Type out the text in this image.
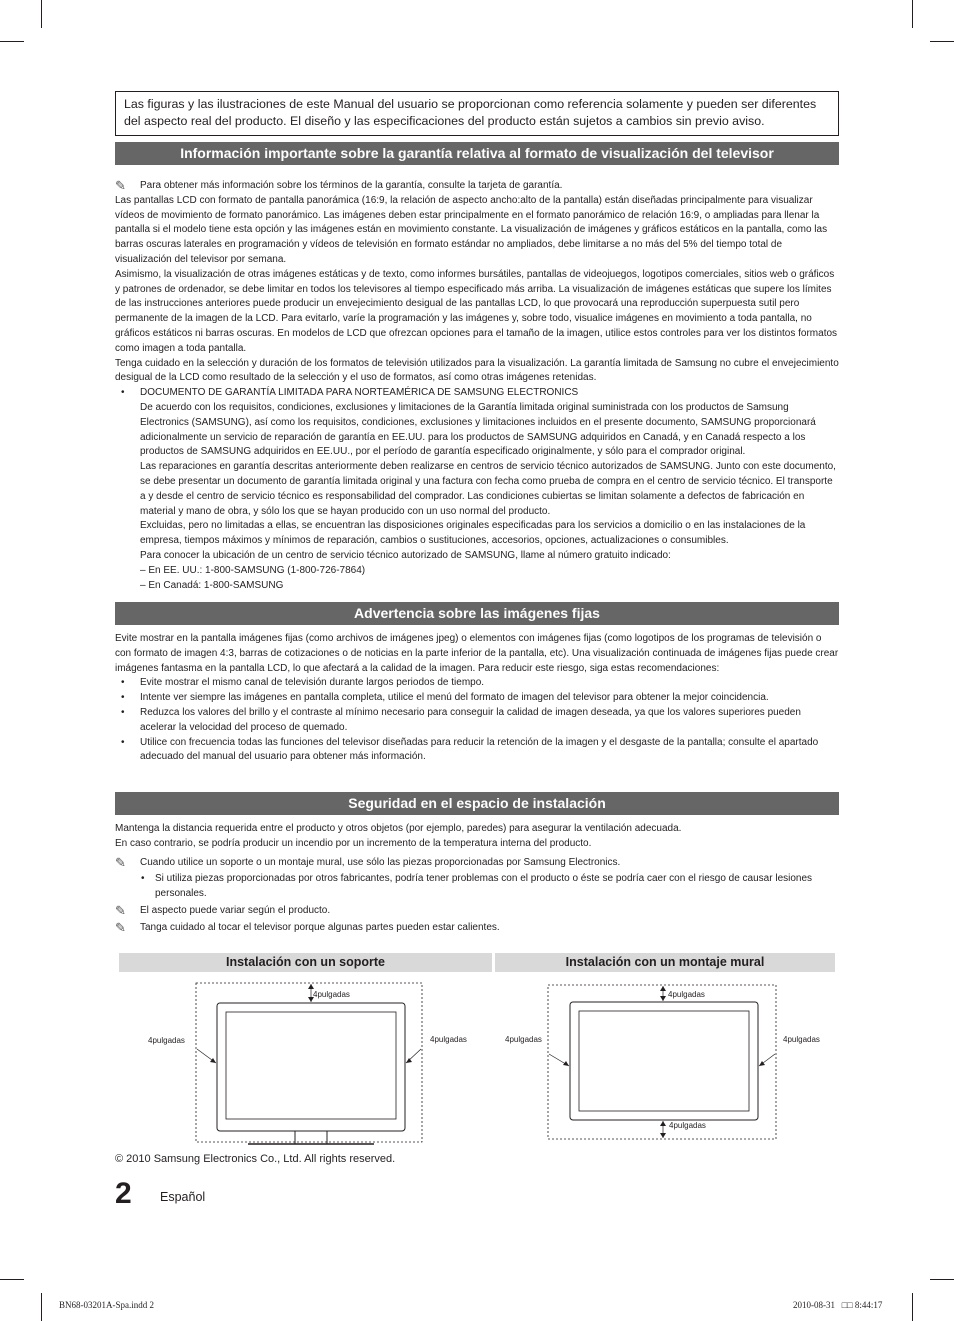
Las figuras y las ilustraciones de este Manual del usuario se proporcionan como referencia solamente y pueden ser diferentes del aspecto real del producto. El diseño y las especificaciones del producto están sujetos a cambios sin previo aviso.
Información importante sobre la garantía relativa al formato de visualización del televisor
✎ Para obtener más información sobre los términos de la garantía, consulte la tarjeta de garantía.

Las pantallas LCD con formato de pantalla panorámica (16:9, la relación de aspecto ancho:alto de la pantalla) están diseñadas principalmente para visualizar vídeos de movimiento de formato panorámico. Las imágenes deben estar principalmente en el formato panorámico de relación 16:9, o ampliadas para llenar la pantalla si el modelo tiene esta opción y las imágenes están en movimiento constante. La visualización de imágenes y gráficos estáticos en la pantalla, como las barras oscuras laterales en programación y vídeos de televisión en formato estándar no ampliados, debe limitarse a no más del 5% del tiempo total de visualización del televisor por semana.

Asimismo, la visualización de otras imágenes estáticas y de texto, como informes bursátiles, pantallas de videojuegos, logotipos comerciales, sitios web o gráficos y patrones de ordenador, se debe limitar en todos los televisores al tiempo especificado más arriba. La visualización de imágenes estáticas que supere los límites de las instrucciones anteriores puede producir un envejecimiento desigual de las pantallas LCD, lo que provocará una reproducción superpuesta sutil pero permanente de la imagen de la LCD. Para evitarlo, varíe la programación y las imágenes y, sobre todo, visualice imágenes en movimiento a toda pantalla, no gráficos estáticos ni barras oscuras. En modelos de LCD que ofrezcan opciones para el tamaño de la imagen, utilice estos controles para ver los distintos formatos como imagen a toda pantalla.

Tenga cuidado en la selección y duración de los formatos de televisión utilizados para la visualización. La garantía limitada de Samsung no cubre el envejecimiento desigual de la LCD como resultado de la selección y el uso de formatos, así como otras imágenes retenidas.

• DOCUMENTO DE GARANTÍA LIMITADA PARA NORTEAMÉRICA DE SAMSUNG ELECTRONICS

De acuerdo con los requisitos, condiciones, exclusiones y limitaciones de la Garantía limitada original suministrada con los productos de Samsung Electronics (SAMSUNG), así como los requisitos, condiciones, exclusiones y limitaciones incluidos en el presente documento, SAMSUNG proporcionará adicionalmente un servicio de reparación de garantía en EE.UU. para los productos de SAMSUNG adquiridos en Canadá, y en Canadá respecto a los productos de SAMSUNG adquiridos en EE.UU., por el período de garantía especificado originalmente, y sólo para el comprador original.

Las reparaciones en garantía descritas anteriormente deben realizarse en centros de servicio técnico autorizados de SAMSUNG. Junto con este documento, se debe presentar un documento de garantía limitada original y una factura con fecha como prueba de compra en el centro de servicio técnico. El transporte a y desde el centro de servicio técnico es responsabilidad del comprador. Las condiciones cubiertas se limitan solamente a defectos de fabricación en material y mano de obra, y sólo los que se hayan producido con un uso normal del producto.

Excluidas, pero no limitadas a ellas, se encuentran las disposiciones originales especificadas para los servicios a domicilio o en las instalaciones de la empresa, tiempos máximos y mínimos de reparación, cambios o sustituciones, accesorios, opciones, actualizaciones o consumibles.

Para conocer la ubicación de un centro de servicio técnico autorizado de SAMSUNG, llame al número gratuito indicado:

– En EE. UU.: 1-800-SAMSUNG (1-800-726-7864)

– En Canadá: 1-800-SAMSUNG

Advertencia sobre las imágenes fijas

Evite mostrar en la pantalla imágenes fijas (como archivos de imágenes jpeg) o elementos con imágenes fijas (como logotipos de los programas de televisión o con formato de imagen 4:3, barras de cotizaciones o de noticias en la parte inferior de la pantalla, etc). Una visualización continuada de imágenes fijas puede crear imágenes fantasma en la pantalla LCD, lo que afectará a la calidad de la imagen. Para reducir este riesgo, siga estas recomendaciones:

• Evite mostrar el mismo canal de televisión durante largos periodos de tiempo.
• Intente ver siempre las imágenes en pantalla completa, utilice el menú del formato de imagen del televisor para obtener la mejor coincidencia.
• Reduzca los valores del brillo y el contraste al mínimo necesario para conseguir la calidad de imagen deseada, ya que los valores superiores pueden acelerar la velocidad del proceso de quemado.
• Utilice con frecuencia todas las funciones del televisor diseñadas para reducir la retención de la imagen y el desgaste de la pantalla; consulte el apartado adecuado del manual del usuario para obtener más información.
Seguridad en el espacio de instalación

Mantenga la distancia requerida entre el producto y otros objetos (por ejemplo, paredes) para asegurar la ventilación adecuada.

En caso contrario, se podría producir un incendio por un incremento de la temperatura interna del producto.

✎ Cuando utilice un soporte o un montaje mural, use sólo las piezas proporcionadas por Samsung Electronics.
• Si utiliza piezas proporcionadas por otros fabricantes, podría tener problemas con el producto o éste se podría caer con el riesgo de causar lesiones personales.
✎ El aspecto puede variar según el producto.
✎ Tanga cuidado al tocar el televisor porque algunas partes pueden estar calientes.
Instalación con un soporte	Instalación con un montaje mural
4pulgadas
4pulgadas	4pulgadas
4pulgadas
4pulgadas	4pulgadas
4pulgadas
© 2010 Samsung Electronics Co., Ltd. All rights reserved.
2 Español
BN68-03201A-Spa.indd 2	2010-08-31   □□ 8:44:17
